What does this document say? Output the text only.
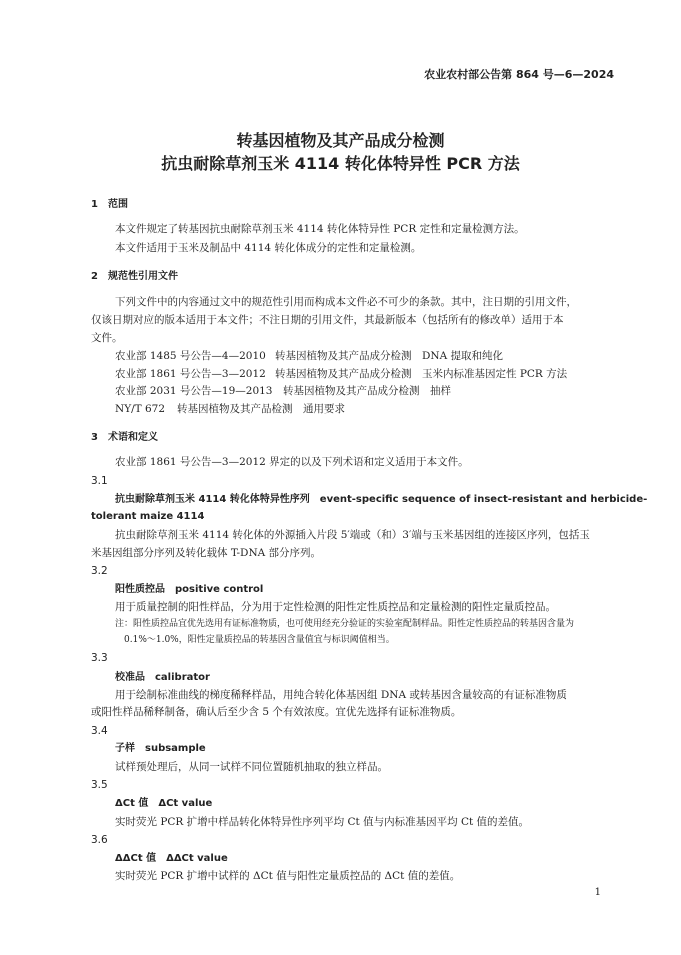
农业农村部公告第 864 号—6—2024
转基因植物及其产品成分检测
抗虫耐除草剂玉米 4114 转化体特异性 PCR 方法
1　范围
本文件规定了转基因抗虫耐除草剂玉米 4114 转化体特异性 PCR 定性和定量检测方法。
本文件适用于玉米及制品中 4114 转化体成分的定性和定量检测。
2　规范性引用文件
下列文件中的内容通过文中的规范性引用而构成本文件必不可少的条款。其中，注日期的引用文件，
仅该日期对应的版本适用于本文件；不注日期的引用文件，其最新版本（包括所有的修改单）适用于本
文件。
农业部 1485 号公告—4—2010 转基因植物及其产品成分检测　DNA 提取和纯化
农业部 1861 号公告—3—2012 转基因植物及其产品成分检测　玉米内标准基因定性 PCR 方法
农业部 2031 号公告—19—2013 转基因植物及其产品成分检测　抽样
NY/T 672 转基因植物及其产品检测　通用要求
3　术语和定义
农业部 1861 号公告—3—2012 界定的以及下列术语和定义适用于本文件。
3.1
抗虫耐除草剂玉米 4114 转化体特异性序列　event-specific sequence of insect-resistant and herbicide-
tolerant maize 4114
抗虫耐除草剂玉米 4114 转化体的外源插入片段 5′端或（和）3′端与玉米基因组的连接区序列，包括玉
米基因组部分序列及转化载体 T-DNA 部分序列。
3.2
阳性质控品　positive control
用于质量控制的阳性样品，分为用于定性检测的阳性定性质控品和定量检测的阳性定量质控品。
注：阳性质控品宜优先选用有证标准物质，也可使用经充分验证的实验室配制样品。阳性定性质控品的转基因含量为
0.1%～1.0%，阳性定量质控品的转基因含量值宜与标识阈值相当。
3.3
校准品　calibrator
用于绘制标准曲线的梯度稀释样品，用纯合转化体基因组 DNA 或转基因含量较高的有证标准物质
或阳性样品稀释制备，确认后至少含 5 个有效浓度。宜优先选择有证标准物质。
3.4
子样　subsample
试样预处理后，从同一试样不同位置随机抽取的独立样品。
3.5
ΔCt 值　ΔCt value
实时荧光 PCR 扩增中样品转化体特异性序列平均 Ct 值与内标准基因平均 Ct 值的差值。
3.6
ΔΔCt 值　ΔΔCt value
实时荧光 PCR 扩增中试样的 ΔCt 值与阳性定量质控品的 ΔCt 值的差值。
1
